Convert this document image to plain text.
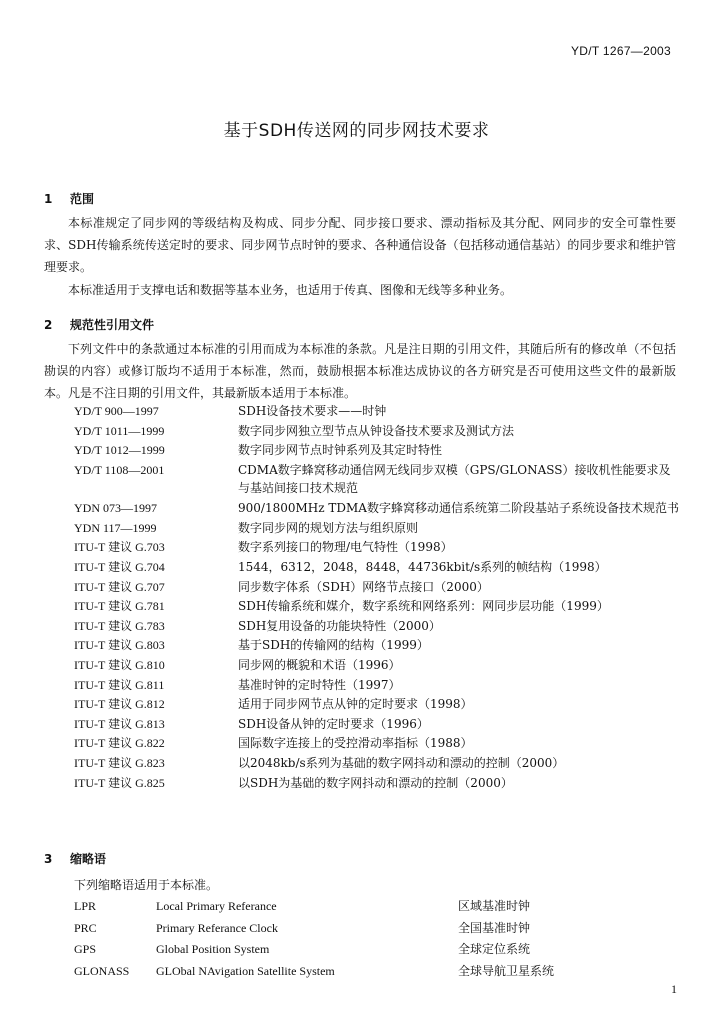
YD/T 1267—2003
基于SDH传送网的同步网技术要求
1 范围
本标准规定了同步网的等级结构及构成、同步分配、同步接口要求、漂动指标及其分配、网同步的安全可靠性要求、SDH传输系统传送定时的要求、同步网节点时钟的要求、各种通信设备（包括移动通信基站）的同步要求和维护管理要求。
本标准适用于支撑电话和数据等基本业务，也适用于传真、图像和无线等多种业务。
2 规范性引用文件
下列文件中的条款通过本标准的引用而成为本标准的条款。凡是注日期的引用文件，其随后所有的修改单（不包括勘误的内容）或修订版均不适用于本标准，然而，鼓励根据本标准达成协议的各方研究是否可使用这些文件的最新版本。凡是不注日期的引用文件，其最新版本适用于本标准。
YD/T 900—1997	SDH设备技术要求——时钟
YD/T 1011—1999	数字同步网独立型节点从钟设备技术要求及测试方法
YD/T 1012—1999	数字同步网节点时钟系列及其定时特性
YD/T 1108—2001	CDMA数字蜂窝移动通信网无线同步双模（GPS/GLONASS）接收机性能要求及与基站间接口技术规范
YDN 073—1997	900/1800MHz TDMA数字蜂窝移动通信系统第二阶段基站子系统设备技术规范书
YDN 117—1999	数字同步网的规划方法与组织原则
ITU-T 建议 G.703	数字系列接口的物理/电气特性（1998）
ITU-T 建议 G.704	1544，6312，2048，8448，44736kbit/s系列的帧结构（1998）
ITU-T 建议 G.707	同步数字体系（SDH）网络节点接口（2000）
ITU-T 建议 G.781	SDH传输系统和媒介，数字系统和网络系列：网同步层功能（1999）
ITU-T 建议 G.783	SDH复用设备的功能块特性（2000）
ITU-T 建议 G.803	基于SDH的传输网的结构（1999）
ITU-T 建议 G.810	同步网的概貌和术语（1996）
ITU-T 建议 G.811	基准时钟的定时特性（1997）
ITU-T 建议 G.812	适用于同步网节点从钟的定时要求（1998）
ITU-T 建议 G.813	SDH设备从钟的定时要求（1996）
ITU-T 建议 G.822	国际数字连接上的受控滑动率指标（1988）
ITU-T 建议 G.823	以2048kb/s系列为基础的数字网抖动和漂动的控制（2000）
ITU-T 建议 G.825	以SDH为基础的数字网抖动和漂动的控制（2000）
3 缩略语
下列缩略语适用于本标准。
LPR	Local Primary Referance	区域基准时钟
PRC	Primary Referance Clock	全国基准时钟
GPS	Global Position System	全球定位系统
GLONASS	GLObal NAvigation Satellite System	全球导航卫星系统
1
